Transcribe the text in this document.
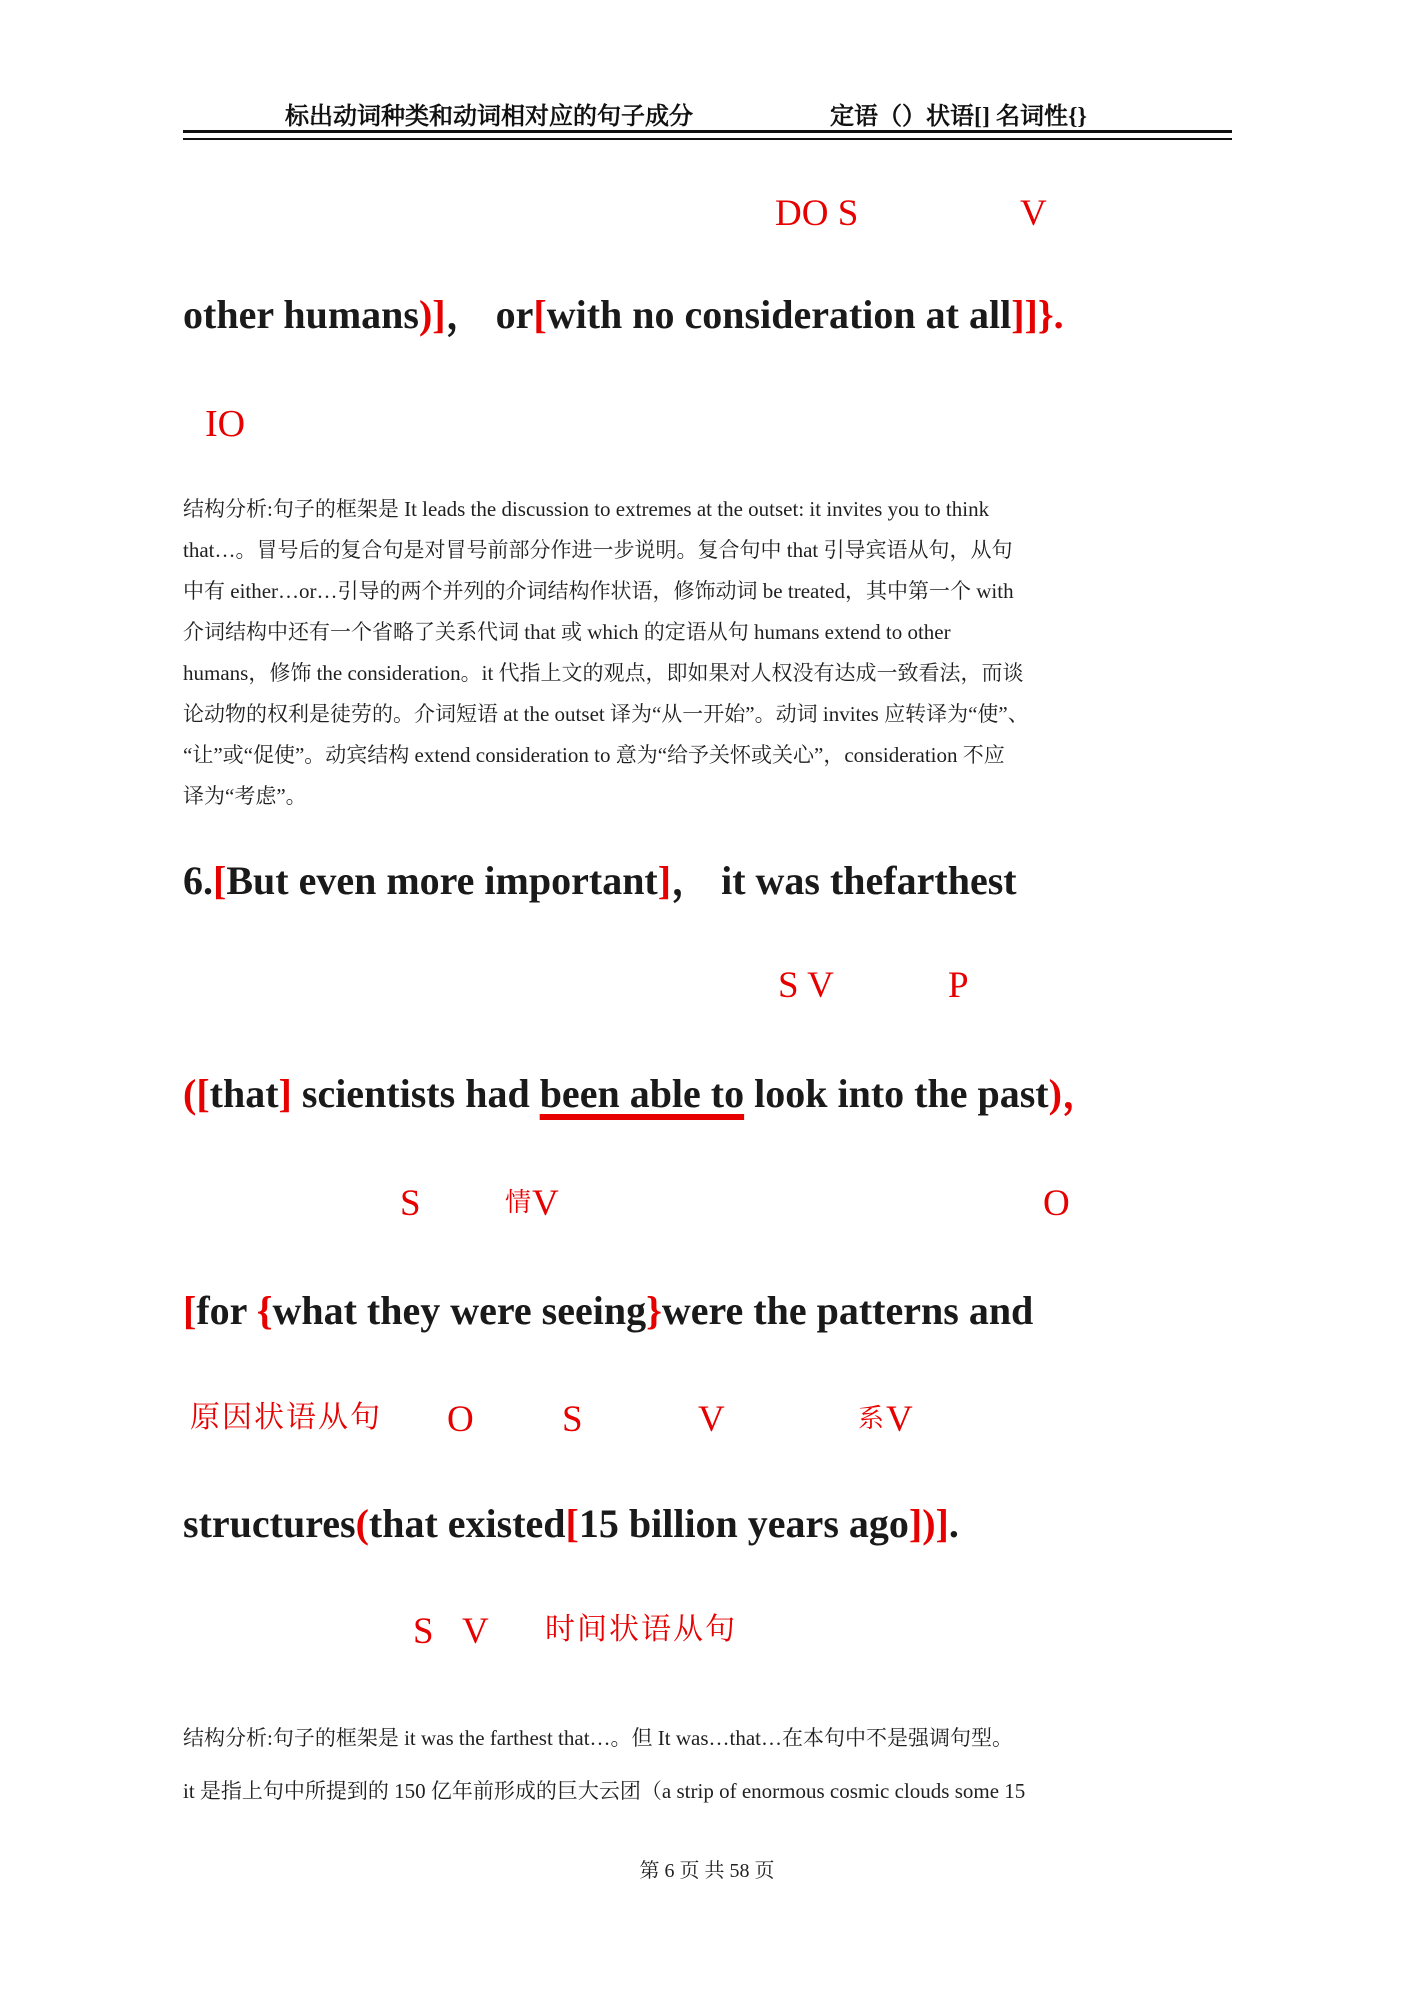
标出动词种类和动词相对应的句子成分	定语（）状语[] 名词性{}
DO S	V
other humans)]， or[with no consideration at all]]}.
IO
结构分析:句子的框架是 It leads the discussion to extremes at the outset: it invites you to think
that…。冒号后的复合句是对冒号前部分作进一步说明。复合句中 that 引导宾语从句，从句
中有 either…or…引导的两个并列的介词结构作状语，修饰动词 be treated，其中第一个 with
介词结构中还有一个省略了关系代词 that 或 which 的定语从句 humans extend to other
humans，修饰 the consideration。it 代指上文的观点，即如果对人权没有达成一致看法，而谈
论动物的权利是徒劳的。介词短语 at the outset 译为“从一开始”。动词 invites 应转译为“使”、
“让”或“促使”。动宾结构 extend consideration to 意为“给予关怀或关心”，consideration 不应
译为“考虑”。
6.[But even more important]， it was thefarthest
S V	P
([that] scientists had been able to look into the past)，
S	情 V	O
[for {what they were seeing}were the patterns and
原因状语从句 O S	V	系 V
structures(that existed[15 billion years ago])].
S V 时间状语从句
结构分析:句子的框架是 it was the farthest that…。但 It was…that…在本句中不是强调句型。
it 是指上句中所提到的 150 亿年前形成的巨大云团（a strip of enormous cosmic clouds some 15
第 6 页 共 58 页
